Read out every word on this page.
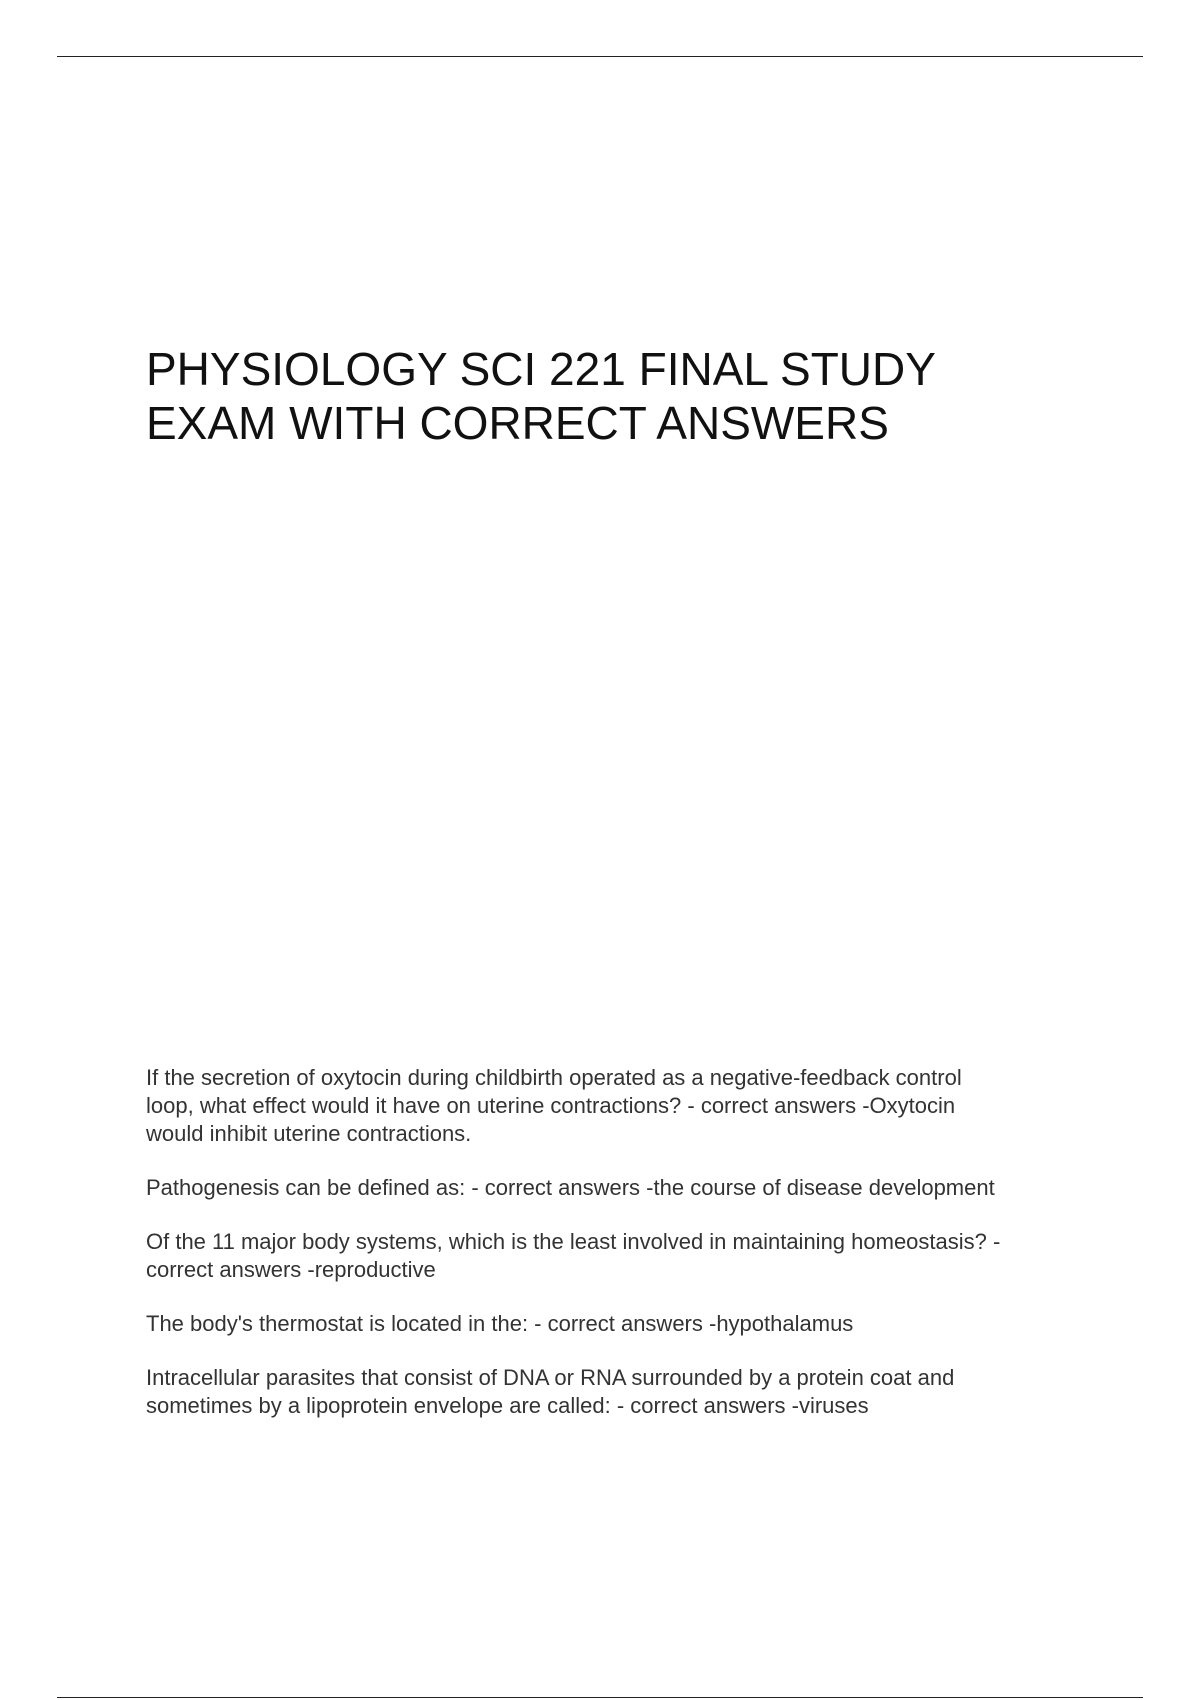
PHYSIOLOGY SCI 221 FINAL STUDY
EXAM WITH CORRECT ANSWERS
If the secretion of oxytocin during childbirth operated as a negative-feedback control
loop, what effect would it have on uterine contractions? - correct answers -Oxytocin
would inhibit uterine contractions.
Pathogenesis can be defined as: - correct answers -the course of disease development
Of the 11 major body systems, which is the least involved in maintaining homeostasis? -
correct answers -reproductive
The body's thermostat is located in the: - correct answers -hypothalamus
Intracellular parasites that consist of DNA or RNA surrounded by a protein coat and
sometimes by a lipoprotein envelope are called: - correct answers -viruses
